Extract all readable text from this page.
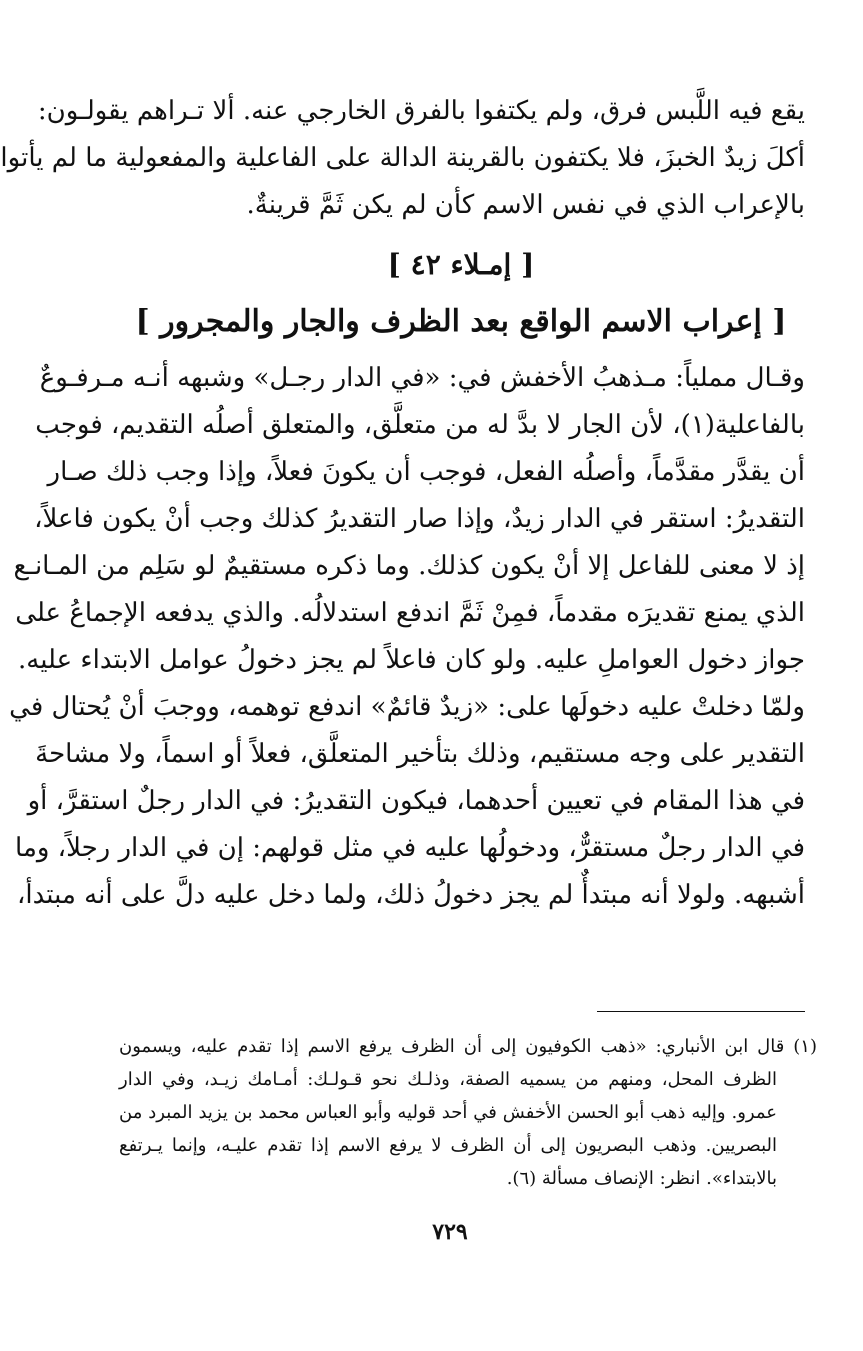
يقع فيه اللَّبس فرق، ولم يكتفوا بالفرق الخارجي عنه. ألا تـراهم يقولـون:
أكلَ زيدٌ الخبزَ، فلا يكتفون بالقرينة الدالة على الفاعلية والمفعولية ما لم يأتوا
بالإعراب الذي في نفس الاسم كأن لم يكن ثَمَّ قرينةٌ.
[ إمـلاء ٤٢ ]
[ إعراب الاسم الواقع بعد الظرف والجار والمجرور ]
وقـال مملياً: مـذهبُ الأخفش في: «في الدار رجـل» وشبهه أنـه مـرفـوعٌ
بالفاعلية(١)، لأن الجار لا بدَّ له من متعلَّق، والمتعلق أصلُه التقديم، فوجب
أن يقدَّر مقدَّماً، وأصلُه الفعل، فوجب أن يكونَ فعلاً، وإذا وجب ذلك صـار
التقديرُ: استقر في الدار زيدٌ، وإذا صار التقديرُ كذلك وجب أنْ يكون فاعلاً،
إذ لا معنى للفاعل إلا أنْ يكون كذلك. وما ذكره مستقيمٌ لو سَلِم من المـانـع
الذي يمنع تقديرَه مقدماً، فمِنْ ثَمَّ اندفع استدلالُه. والذي يدفعه الإجماعُ على
جواز دخول العواملِ عليه. ولو كان فاعلاً لم يجز دخولُ عوامل الابتداء عليه.
ولمّا دخلتْ عليه دخولَها على: «زيدٌ قائمٌ» اندفع توهمه، ووجبَ أنْ يُحتال في
التقدير على وجه مستقيم، وذلك بتأخير المتعلَّق، فعلاً أو اسماً، ولا مشاحةَ
في هذا المقام في تعيين أحدهما، فيكون التقديرُ: في الدار رجلٌ استقرَّ، أو
في الدار رجلٌ مستقرٌّ، ودخولُها عليه في مثل قولهم: إن في الدار رجلاً، وما
أشبهه. ولولا أنه مبتدأٌ لم يجز دخولُ ذلك، ولما دخل عليه دلَّ على أنه مبتدأ،
(١) قال ابن الأنباري: «ذهب الكوفيون إلى أن الظرف يرفع الاسم إذا تقدم عليه، ويسمون
الظرف المحل، ومنهم من يسميه الصفة، وذلـك نحو قـولـك: أمـامك زيـد، وفي الدار
عمرو. وإليه ذهب أبو الحسن الأخفش في أحد قوليه وأبو العباس محمد بن يزيد المبرد من
البصريين. وذهب البصريون إلى أن الظرف لا يرفع الاسم إذا تقدم عليـه، وإنما يـرتفع
بالابتداء». انظر: الإنصاف مسألة (٦).
٧٢٩
